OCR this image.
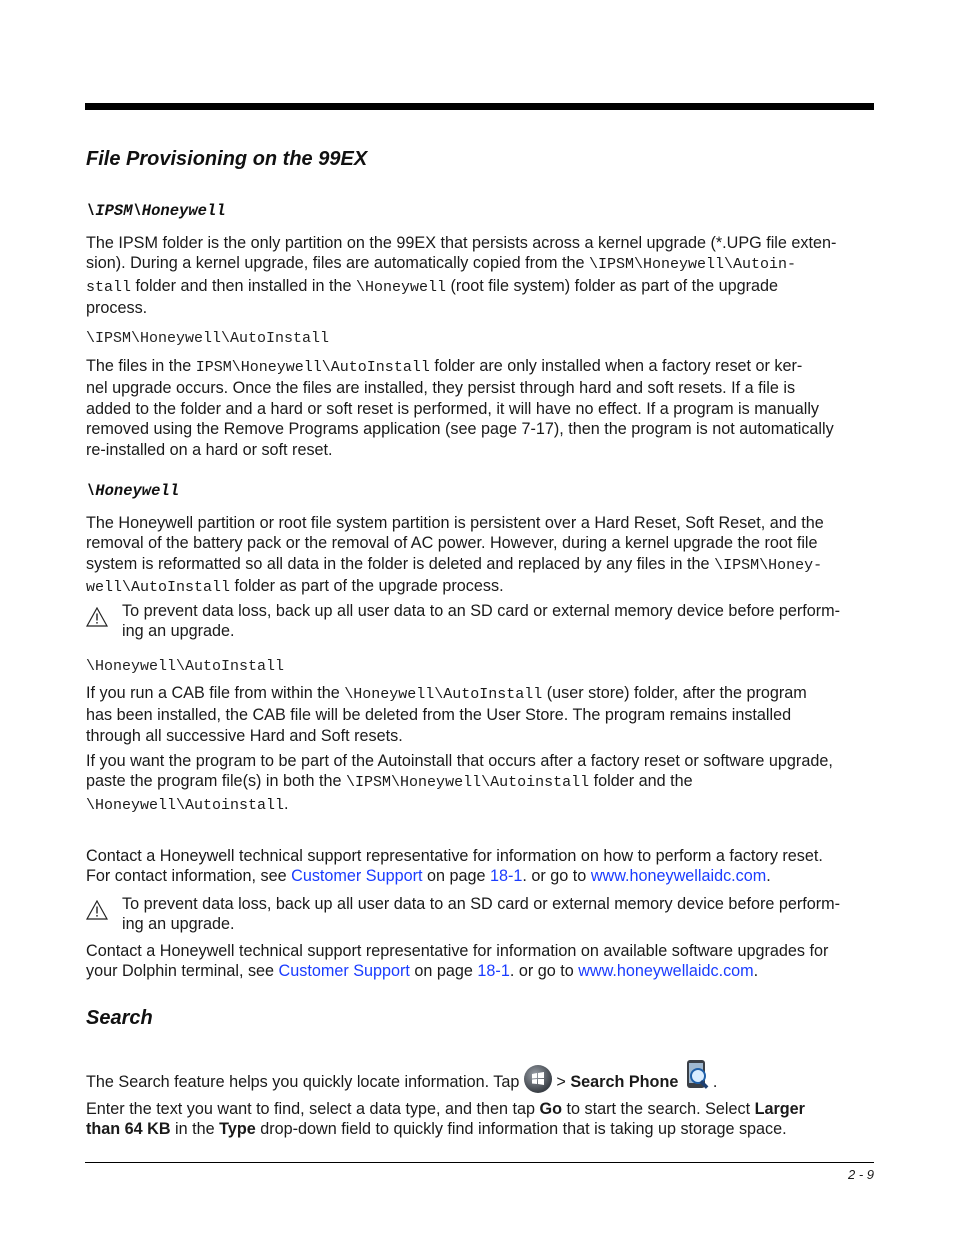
File Provisioning on the 99EX
\IPSM\Honeywell
The IPSM folder is the only partition on the 99EX that persists across a kernel upgrade (*.UPG file exten-
sion). During a kernel upgrade, files are automatically copied from the \IPSM\Honeywell\Autoin-
stall folder and then installed in the \Honeywell (root file system) folder as part of the upgrade
process.
\IPSM\Honeywell\AutoInstall
The files in the IPSM\Honeywell\AutoInstall folder are only installed when a factory reset or ker-
nel upgrade occurs. Once the files are installed, they persist through hard and soft resets. If a file is
added to the folder and a hard or soft reset is performed, it will have no effect. If a program is manually
removed using the Remove Programs application (see page 7-17), then the program is not automatically
re-installed on a hard or soft reset.
\Honeywell
The Honeywell partition or root file system partition is persistent over a Hard Reset, Soft Reset, and the
removal of the battery pack or the removal of AC power. However, during a kernel upgrade the root file
system is reformatted so all data in the folder is deleted and replaced by any files in the \IPSM\Honey-
well\AutoInstall folder as part of the upgrade process.
To prevent data loss, back up all user data to an SD card or external memory device before perform-
ing an upgrade.
\Honeywell\AutoInstall
If you run a CAB file from within the \Honeywell\AutoInstall (user store) folder, after the program
has been installed, the CAB file will be deleted from the User Store. The program remains installed
through all successive Hard and Soft resets.
If you want the program to be part of the Autoinstall that occurs after a factory reset or software upgrade,
paste the program file(s) in both the \IPSM\Honeywell\Autoinstall folder and the
\Honeywell\Autoinstall.
Contact a Honeywell technical support representative for information on how to perform a factory reset.
For contact information, see Customer Support on page 18-1. or go to www.honeywellaidc.com.
To prevent data loss, back up all user data to an SD card or external memory device before perform-
ing an upgrade.
Contact a Honeywell technical support representative for information on available software upgrades for
your Dolphin terminal, see Customer Support on page 18-1. or go to www.honeywellaidc.com.
Search
The Search feature helps you quickly locate information. Tap
> Search Phone .
Enter the text you want to find, select a data type, and then tap Go to start the search. Select Larger
than 64 KB in the Type drop-down field to quickly find information that is taking up storage space.
2 - 9
